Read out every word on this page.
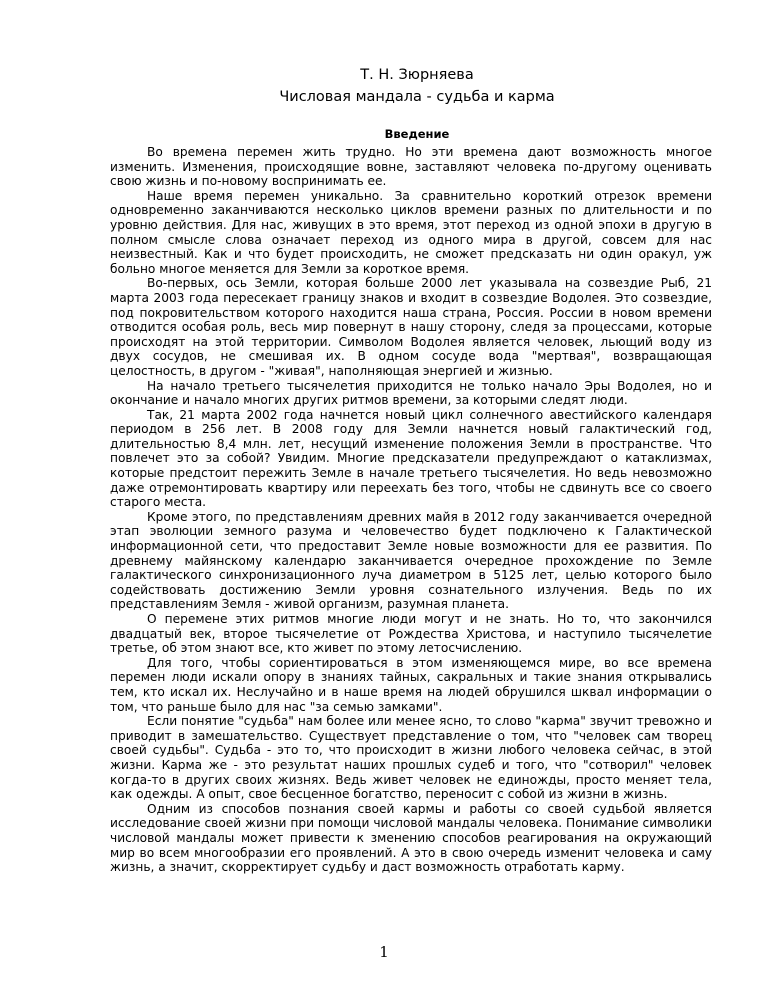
Т. Н. Зюрняева

Числовая мандала - судьба и карма

Введение

Во времена перемен жить трудно. Но эти времена дают возможность многое изменить. Изменения, происходящие вовне, заставляют человека по-другому оценивать свою жизнь и по-новому воспринимать ее.

Наше время перемен уникально. За сравнительно короткий отрезок времени одновременно заканчиваются несколько циклов времени разных по длительности и по уровню действия. Для нас, живущих в это время, этот переход из одной эпохи в другую в полном смысле слова означает переход из одного мира в другой, совсем для нас неизвестный. Как и что будет происходить, не сможет предсказать ни один оракул, уж больно многое меняется для Земли за короткое время.

Во-первых, ось Земли, которая больше 2000 лет указывала на созвездие Рыб, 21 марта 2003 года пересекает границу знаков и входит в созвездие Водолея. Это созвездие, под покровительством которого находится наша страна, Россия. России в новом времени отводится особая роль, весь мир повернут в нашу сторону, следя за процессами, которые происходят на этой территории. Символом Водолея является человек, льющий воду из двух сосудов, не смешивая их. В одном сосуде вода "мертвая", возвращающая целостность, в другом - "живая", наполняющая энергией и жизнью.

На начало третьего тысячелетия приходится не только начало Эры Водолея, но и окончание и начало многих других ритмов времени, за которыми следят люди.

Так, 21 марта 2002 года начнется новый цикл солнечного авестийского календаря периодом в 256 лет. В 2008 году для Земли начнется новый галактический год, длительностью 8,4 млн. лет, несущий изменение положения Земли в пространстве. Что повлечет это за собой? Увидим. Многие предсказатели предупреждают о катаклизмах, которые предстоит пережить Земле в начале третьего тысячелетия. Но ведь невозможно даже отремонтировать квартиру или переехать без того, чтобы не сдвинуть все со своего старого места.

Кроме этого, по представлениям древних майя в 2012 году заканчивается очередной этап эволюции земного разума и человечество будет подключено к Галактической информационной сети, что предоставит Земле новые возможности для ее развития. По древнему майянскому календарю заканчивается очередное прохождение по Земле галактического синхронизационного луча диаметром в 5125 лет, целью которого было содействовать достижению Земли уровня сознательного излучения. Ведь по их представлениям Земля - живой организм, разумная планета.

О перемене этих ритмов многие люди могут и не знать. Но то, что закончился двадцатый век, второе тысячелетие от Рождества Христова, и наступило тысячелетие третье, об этом знают все, кто живет по этому летосчислению.

Для того, чтобы сориентироваться в этом изменяющемся мире, во все времена перемен люди искали опору в знаниях тайных, сакральных и такие знания открывались тем, кто искал их. Неслучайно и в наше время на людей обрушился шквал информации о том, что раньше было для нас "за семью замками".

Если понятие "судьба" нам более или менее ясно, то слово "карма" звучит тревожно и приводит в замешательство. Существует представление о том, что "человек сам творец своей судьбы". Судьба - это то, что происходит в жизни любого человека сейчас, в этой жизни. Карма же - это результат наших прошлых судеб и того, что "сотворил" человек когда-то в других своих жизнях. Ведь живет человек не единожды, просто меняет тела, как одежды. А опыт, свое бесценное богатство, переносит с собой из жизни в жизнь.

Одним из способов познания своей кармы и работы со своей судьбой является исследование своей жизни при помощи числовой мандалы человека. Понимание символики числовой мандалы может привести к зменению способов реагирования на окружающий мир во всем многообразии его проявлений. А это в свою очередь изменит человека и саму жизнь, а значит, скорректирует судьбу и даст возможность отработать карму.

1
